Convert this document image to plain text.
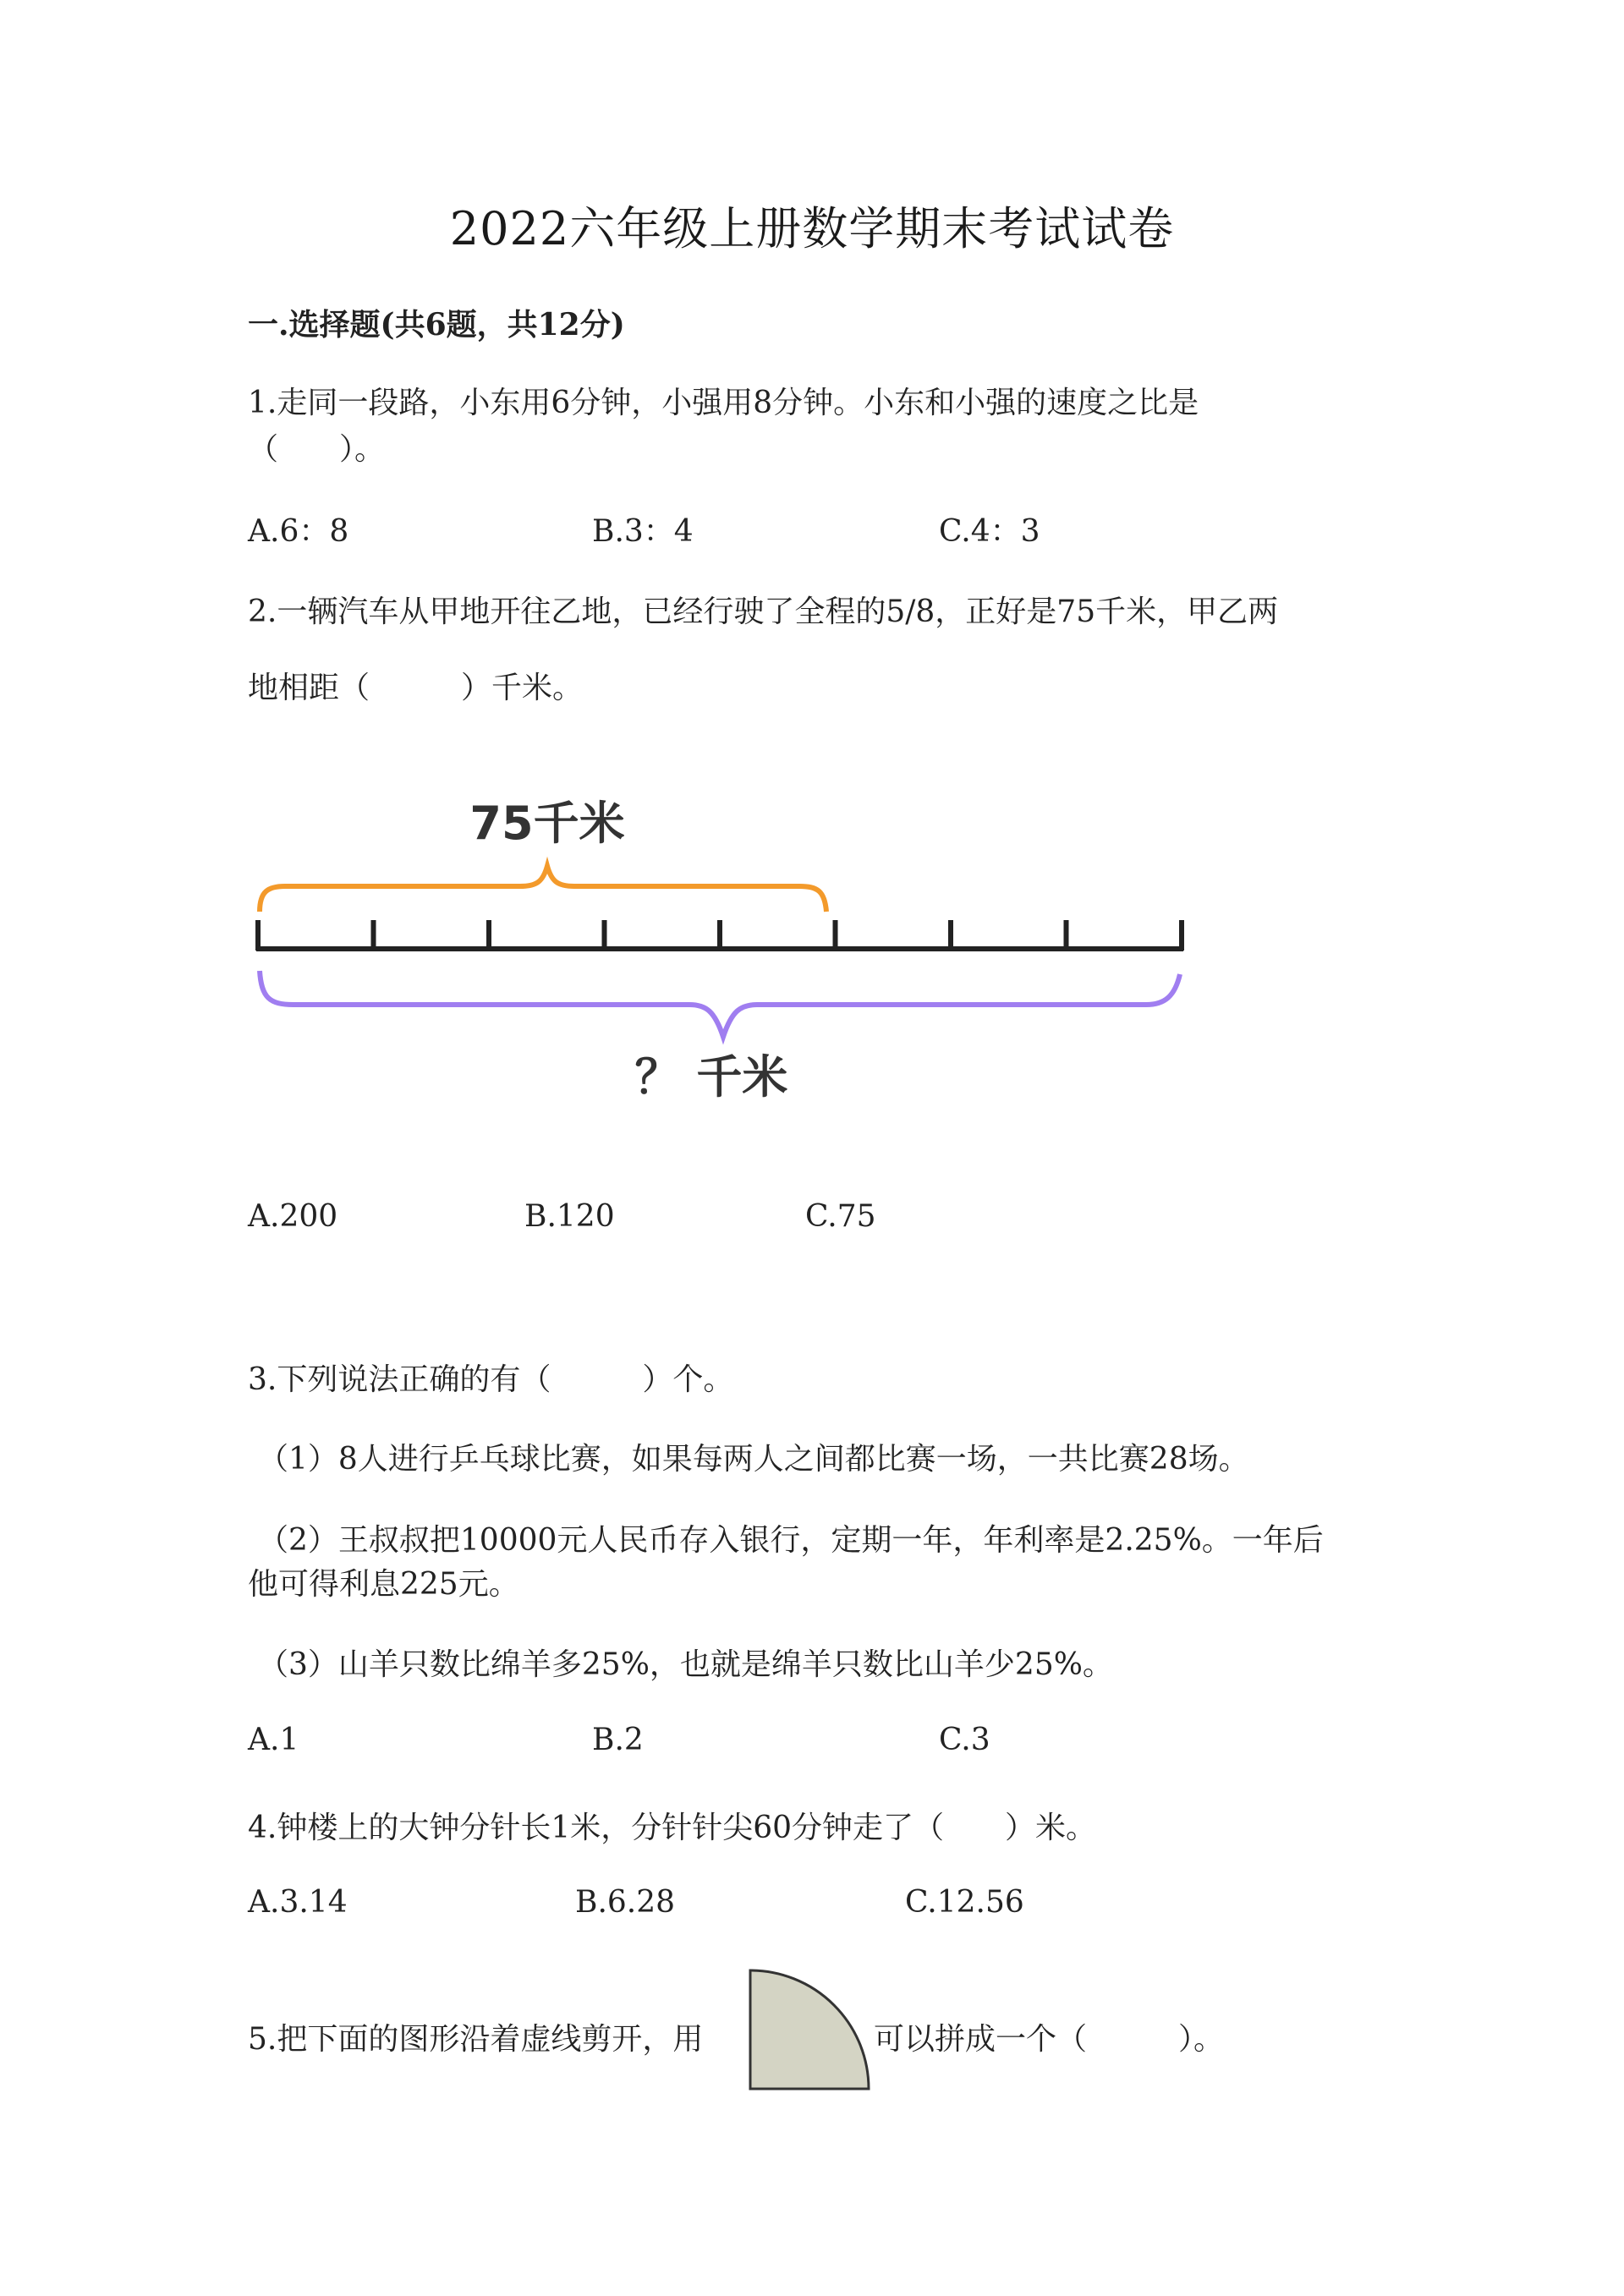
2022六年级上册数学期末考试试卷
一.选择题(共6题，共12分)
1.走同一段路，小东用6分钟，小强用8分钟。小东和小强的速度之比是
（　　）。
A.6：8	B.3：4	C.4：3
2.一辆汽车从甲地开往乙地，已经行驶了全程的5/8，正好是75千米，甲乙两
地相距（　　　）千米。
75千米
？ 千米
A.200	B.120	C.75
3.下列说法正确的有（　　　）个。
（1）8人进行乒乓球比赛，如果每两人之间都比赛一场，一共比赛28场。
（2）王叔叔把10000元人民币存入银行，定期一年，年利率是2.25%。一年后
他可得利息225元。
（3）山羊只数比绵羊多25%，也就是绵羊只数比山羊少25%。
A.1	B.2	C.3
4.钟楼上的大钟分针长1米，分针针尖60分钟走了（　　）米。
A.3.14	B.6.28	C.12.56
5.把下面的图形沿着虚线剪开，用	可以拼成一个（　　　）。
